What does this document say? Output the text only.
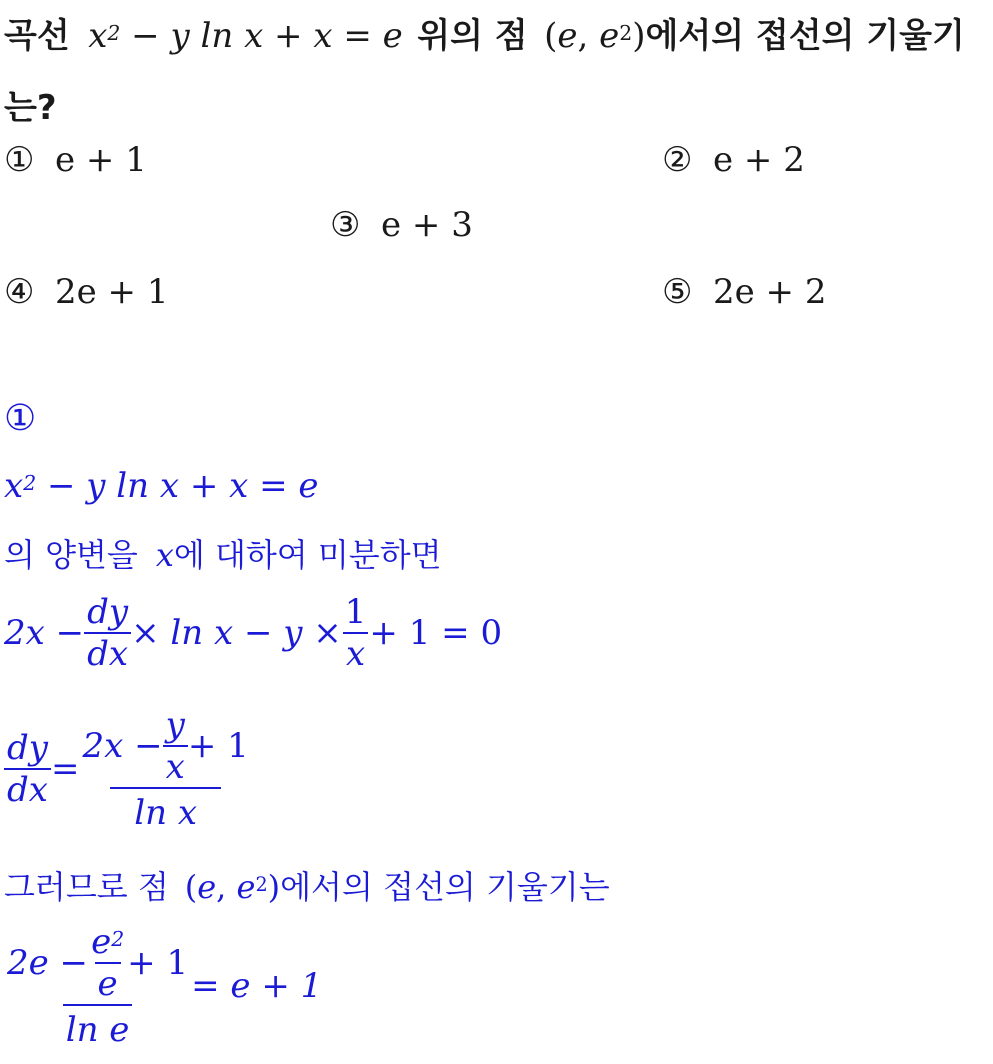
곡선 $x^2 - y$ ln x + x = e 위의 점 (e, $e^2$)에서의 접선의 기울기
는?
① e + 1	② e + 2
③ e + 3
④ 2e + 1	⑤ 2e + 2
①
$x^2 - y$ ln x + x = e
의 양변을 x에 대하여 미분하면
$2x - \frac{dy}{dx} \times \ln x - y \times \frac{1}{x} + 1 = 0$
$\frac{dy}{dx} = \frac{2x - \frac{y}{x} + 1}{\text{ln x}}$
그러므로 점 (e, $e^2$)에서의 접선의 기울기는
$\frac{2e - \frac{e^2}{e} + 1}{\text{ln e}} = e + 1$
